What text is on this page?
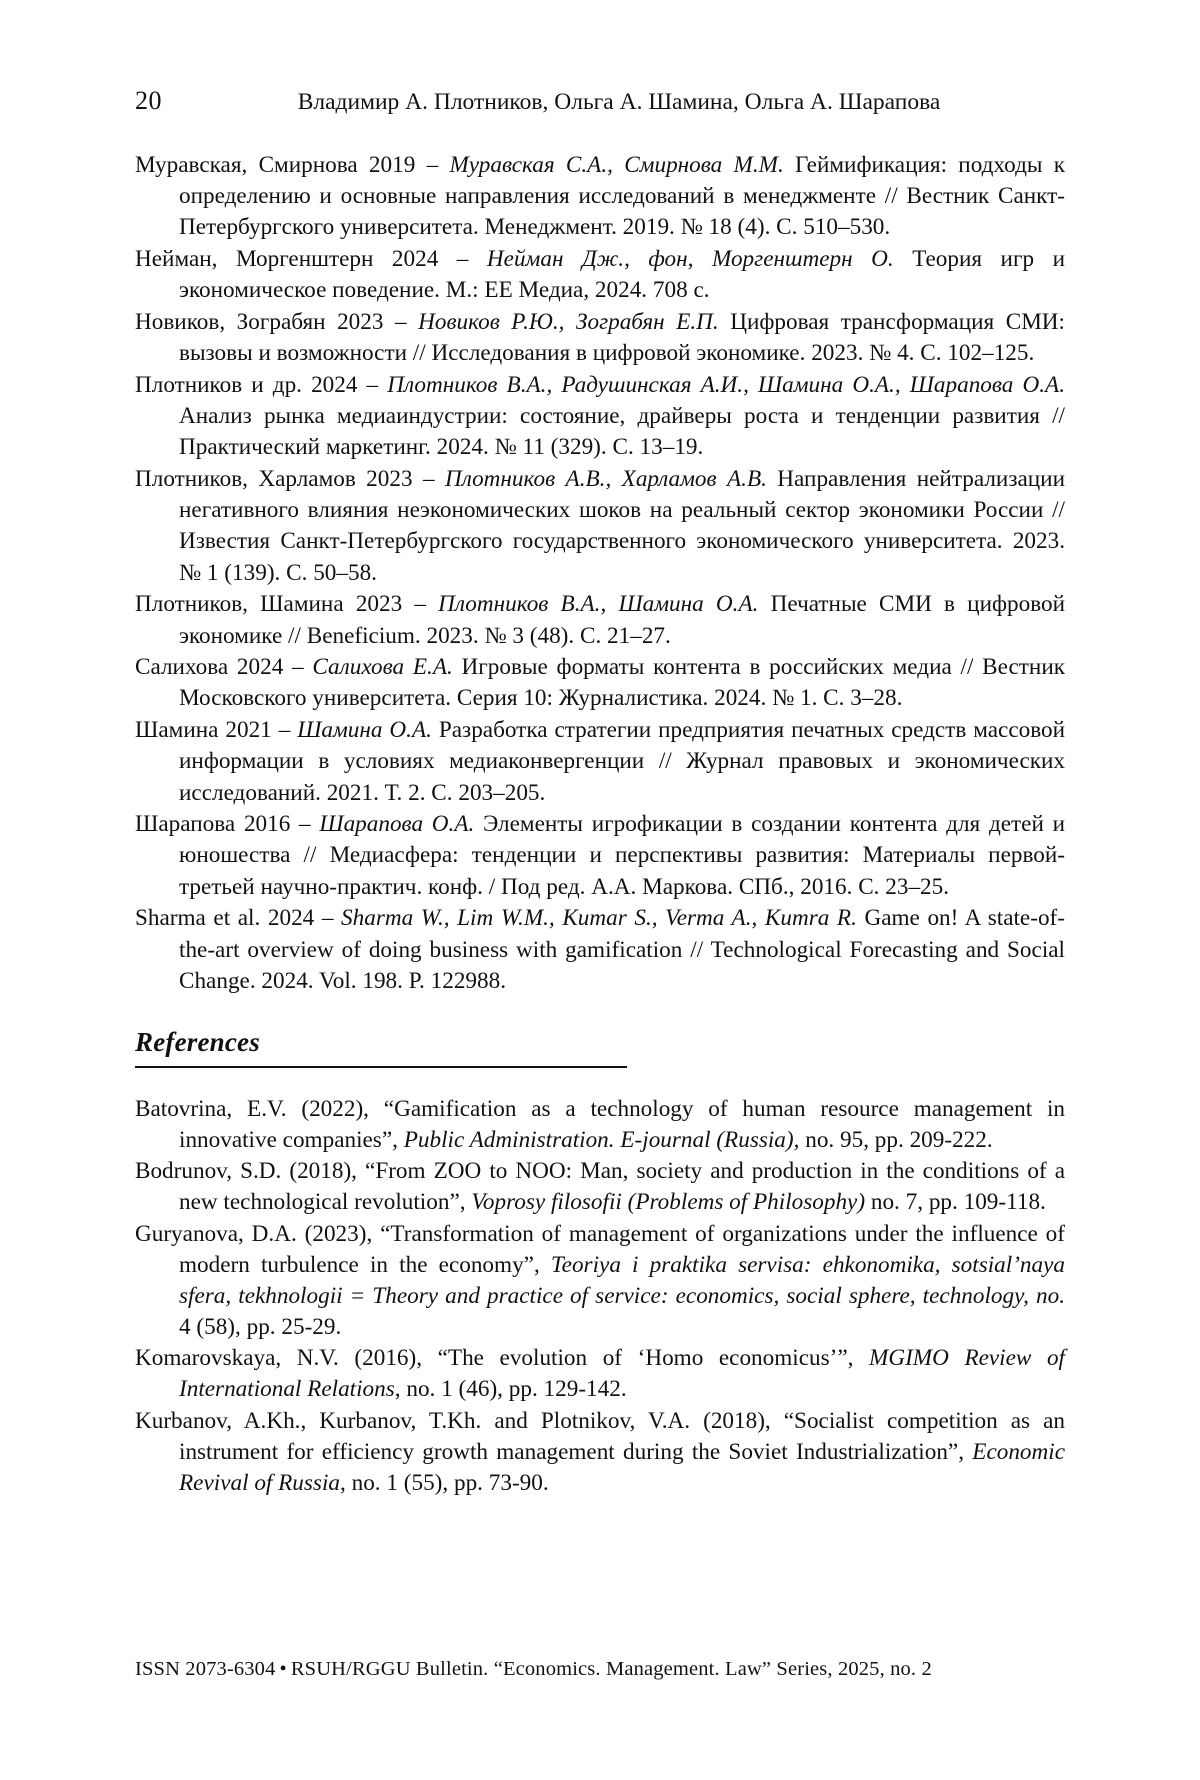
20	Владимир А. Плотников, Ольга А. Шамина, Ольга А. Шарапова

Муравская, Смирнова 2019 – Муравская С.А., Смирнова М.М. Геймификация: подходы к определению и основные направления исследований в менеджменте // Вестник Санкт-Петербургского университета. Менеджмент. 2019. № 18 (4). С. 510–530.

Нейман, Моргенштерн 2024 – Нейман Дж., фон, Моргенштерн О. Теория игр и экономическое поведение. М.: ЕЕ Медиа, 2024. 708 с.

Новиков, Зограбян 2023 – Новиков Р.Ю., Зограбян Е.П. Цифровая трансформация СМИ: вызовы и возможности // Исследования в цифровой экономике. 2023. № 4. С. 102–125.

Плотников и др. 2024 – Плотников В.А., Радушинская А.И., Шамина О.А., Шарапова О.А. Анализ рынка медиаиндустрии: состояние, драйверы роста и тенденции развития // Практический маркетинг. 2024. № 11 (329). С. 13–19.

Плотников, Харламов 2023 – Плотников А.В., Харламов А.В. Направления нейтрализации негативного влияния неэкономических шоков на реальный сектор экономики России // Известия Санкт-Петербургского государственного экономического университета. 2023. № 1 (139). С. 50–58.

Плотников, Шамина 2023 – Плотников В.А., Шамина О.А. Печатные СМИ в цифровой экономике // Beneficium. 2023. № 3 (48). С. 21–27.

Салихова 2024 – Салихова Е.А. Игровые форматы контента в российских медиа // Вестник Московского университета. Серия 10: Журналистика. 2024. № 1. С. 3–28.

Шамина 2021 – Шамина О.А. Разработка стратегии предприятия печатных средств массовой информации в условиях медиаконвергенции // Журнал правовых и экономических исследований. 2021. Т. 2. С. 203–205.

Шарапова 2016 – Шарапова О.А. Элементы игрофикации в создании контента для детей и юношества // Медиасфера: тенденции и перспективы развития: Материалы первой-третьей научно-практич. конф. / Под ред. А.А. Маркова. СПб., 2016. С. 23–25.

Sharma et al. 2024 – Sharma W., Lim W.M., Kumar S., Verma A., Kumra R. Game on! A state-of-the-art overview of doing business with gamification // Technological Forecasting and Social Change. 2024. Vol. 198. P. 122988.

References

Batovrina, E.V. (2022), “Gamification as a technology of human resource management in innovative companies”, Public Administration. E-journal (Russia), no. 95, pp. 209-222.

Bodrunov, S.D. (2018), “From ZOO to NOO: Man, society and production in the conditions of a new technological revolution”, Voprosy filosofii (Problems of Philosophy) no. 7, pp. 109-118.

Guryanova, D.A. (2023), “Transformation of management of organizations under the influence of modern turbulence in the economy”, Teoriya i praktika servisa: ehkonomika, sotsial’naya sfera, tekhnologii = Theory and practice of service: economics, social sphere, technology, no. 4 (58), pp. 25-29.

Komarovskaya, N.V. (2016), “The evolution of ‘Homo economicus’”, MGIMO Review of International Relations, no. 1 (46), pp. 129-142.

Kurbanov, A.Kh., Kurbanov, T.Kh. and Plotnikov, V.A. (2018), “Socialist competition as an instrument for efficiency growth management during the Soviet Industrialization”, Economic Revival of Russia, no. 1 (55), pp. 73-90.

ISSN 2073-6304 • RSUH/RGGU Bulletin. “Economics. Management. Law” Series, 2025, no. 2
